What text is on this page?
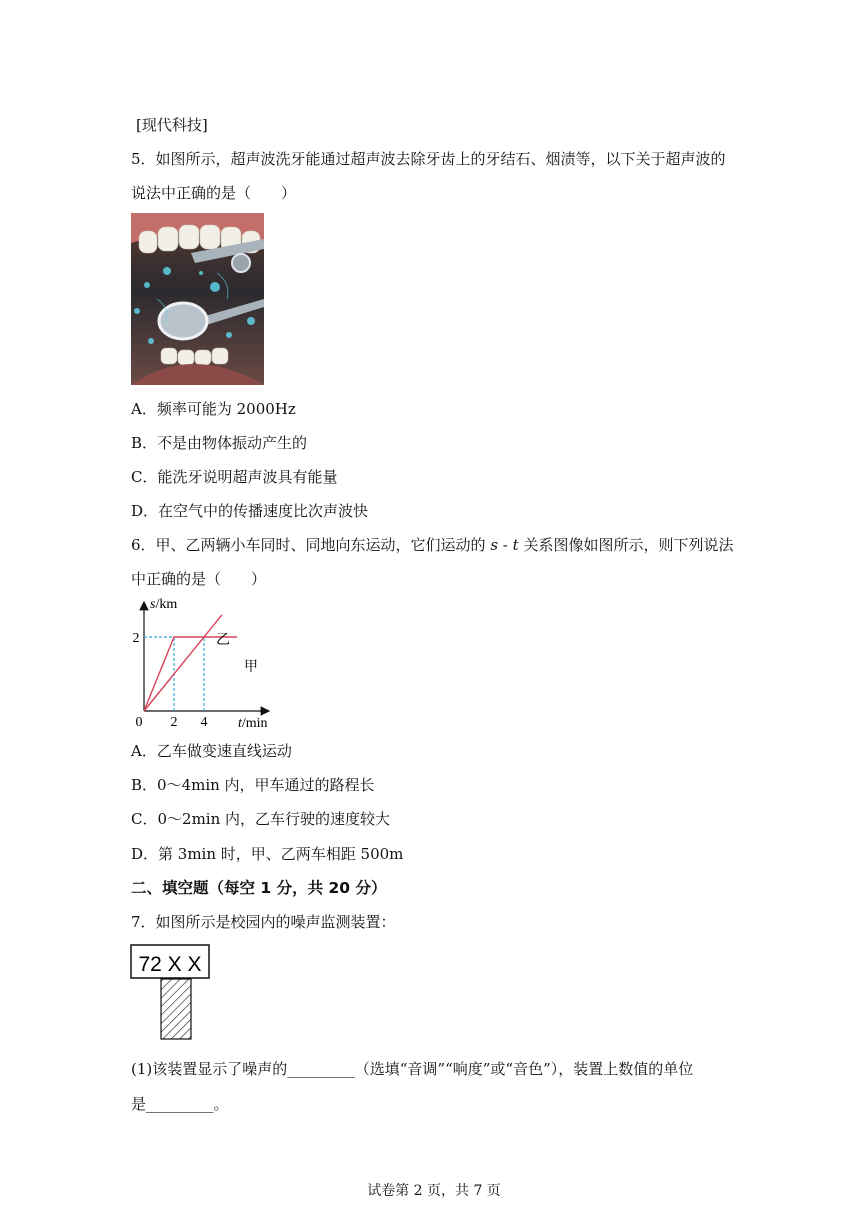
[现代科技]
5．如图所示，超声波洗牙能通过超声波去除牙齿上的牙结石、烟渍等，以下关于超声波的
说法中正确的是（　　）
A．频率可能为 2000Hz
B．不是由物体振动产生的
C．能洗牙说明超声波具有能量
D．在空气中的传播速度比次声波快
6．甲、乙两辆小车同时、同地向东运动，它们运动的 s - t 关系图像如图所示，则下列说法
中正确的是（　　）
s/km
t/min
0 2 4
2	乙
甲
A．乙车做变速直线运动
B．0～4min 内，甲车通过的路程长
C．0～2min 内，乙车行驶的速度较大
D．第 3min 时，甲、乙两车相距 500m
二、填空题（每空 1 分，共 20 分）
7．如图所示是校园内的噪声监测装置：
72 X X
(1)该装置显示了噪声的_________（选填“音调”“响度”或“音色”），装置上数值的单位
是_________。
试卷第 2 页，共 7 页
